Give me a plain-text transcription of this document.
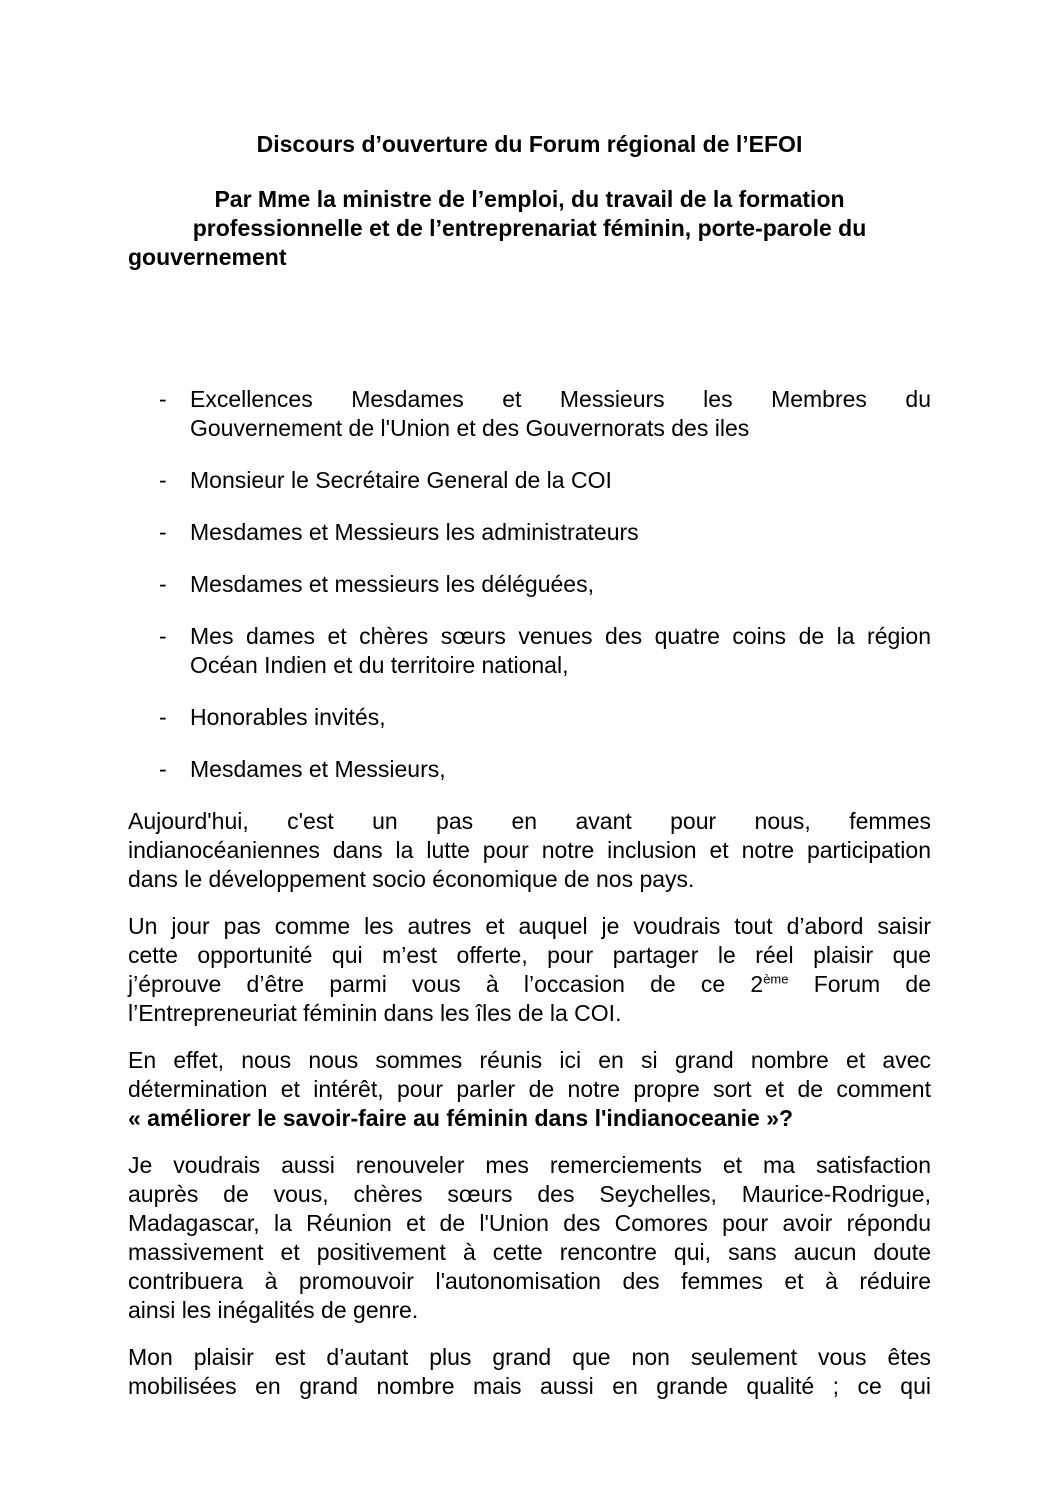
Discours d’ouverture du Forum régional de l’EFOI
Par Mme la ministre de l’emploi, du travail de la formation
professionnelle et de l’entreprenariat féminin, porte-parole du
gouvernement
- Excellences Mesdames et Messieurs les Membres du
Gouvernement de l'Union et des Gouvernorats des iles
- Monsieur le Secrétaire General de la COI
- Mesdames et Messieurs les administrateurs
- Mesdames et messieurs les déléguées,
- Mes dames et chères sœurs venues des quatre coins de la région
Océan Indien et du territoire national,
- Honorables invités,
- Mesdames et Messieurs,

Aujourd'hui, c'est un pas en avant pour nous, femmes
indianocéaniennes dans la lutte pour notre inclusion et notre participation
dans le développement socio économique de nos pays.

Un jour pas comme les autres et auquel je voudrais tout d’abord saisir
cette opportunité qui m’est offerte, pour partager le réel plaisir que
j’éprouve d’être parmi vous à l’occasion de ce 2ème Forum de
l’Entrepreneuriat féminin dans les îles de la COI.

En effet, nous nous sommes réunis ici en si grand nombre et avec
détermination et intérêt, pour parler de notre propre sort et de comment
« améliorer le savoir-faire au féminin dans l'indianoceanie »?

Je voudrais aussi renouveler mes remerciements et ma satisfaction
auprès de vous, chères sœurs des Seychelles, Maurice-Rodrigue,
Madagascar, la Réunion et de l'Union des Comores pour avoir répondu
massivement et positivement à cette rencontre qui, sans aucun doute
contribuera à promouvoir l'autonomisation des femmes et à réduire
ainsi les inégalités de genre.

Mon plaisir est d’autant plus grand que non seulement vous êtes
mobilisées en grand nombre mais aussi en grande qualité ; ce qui
